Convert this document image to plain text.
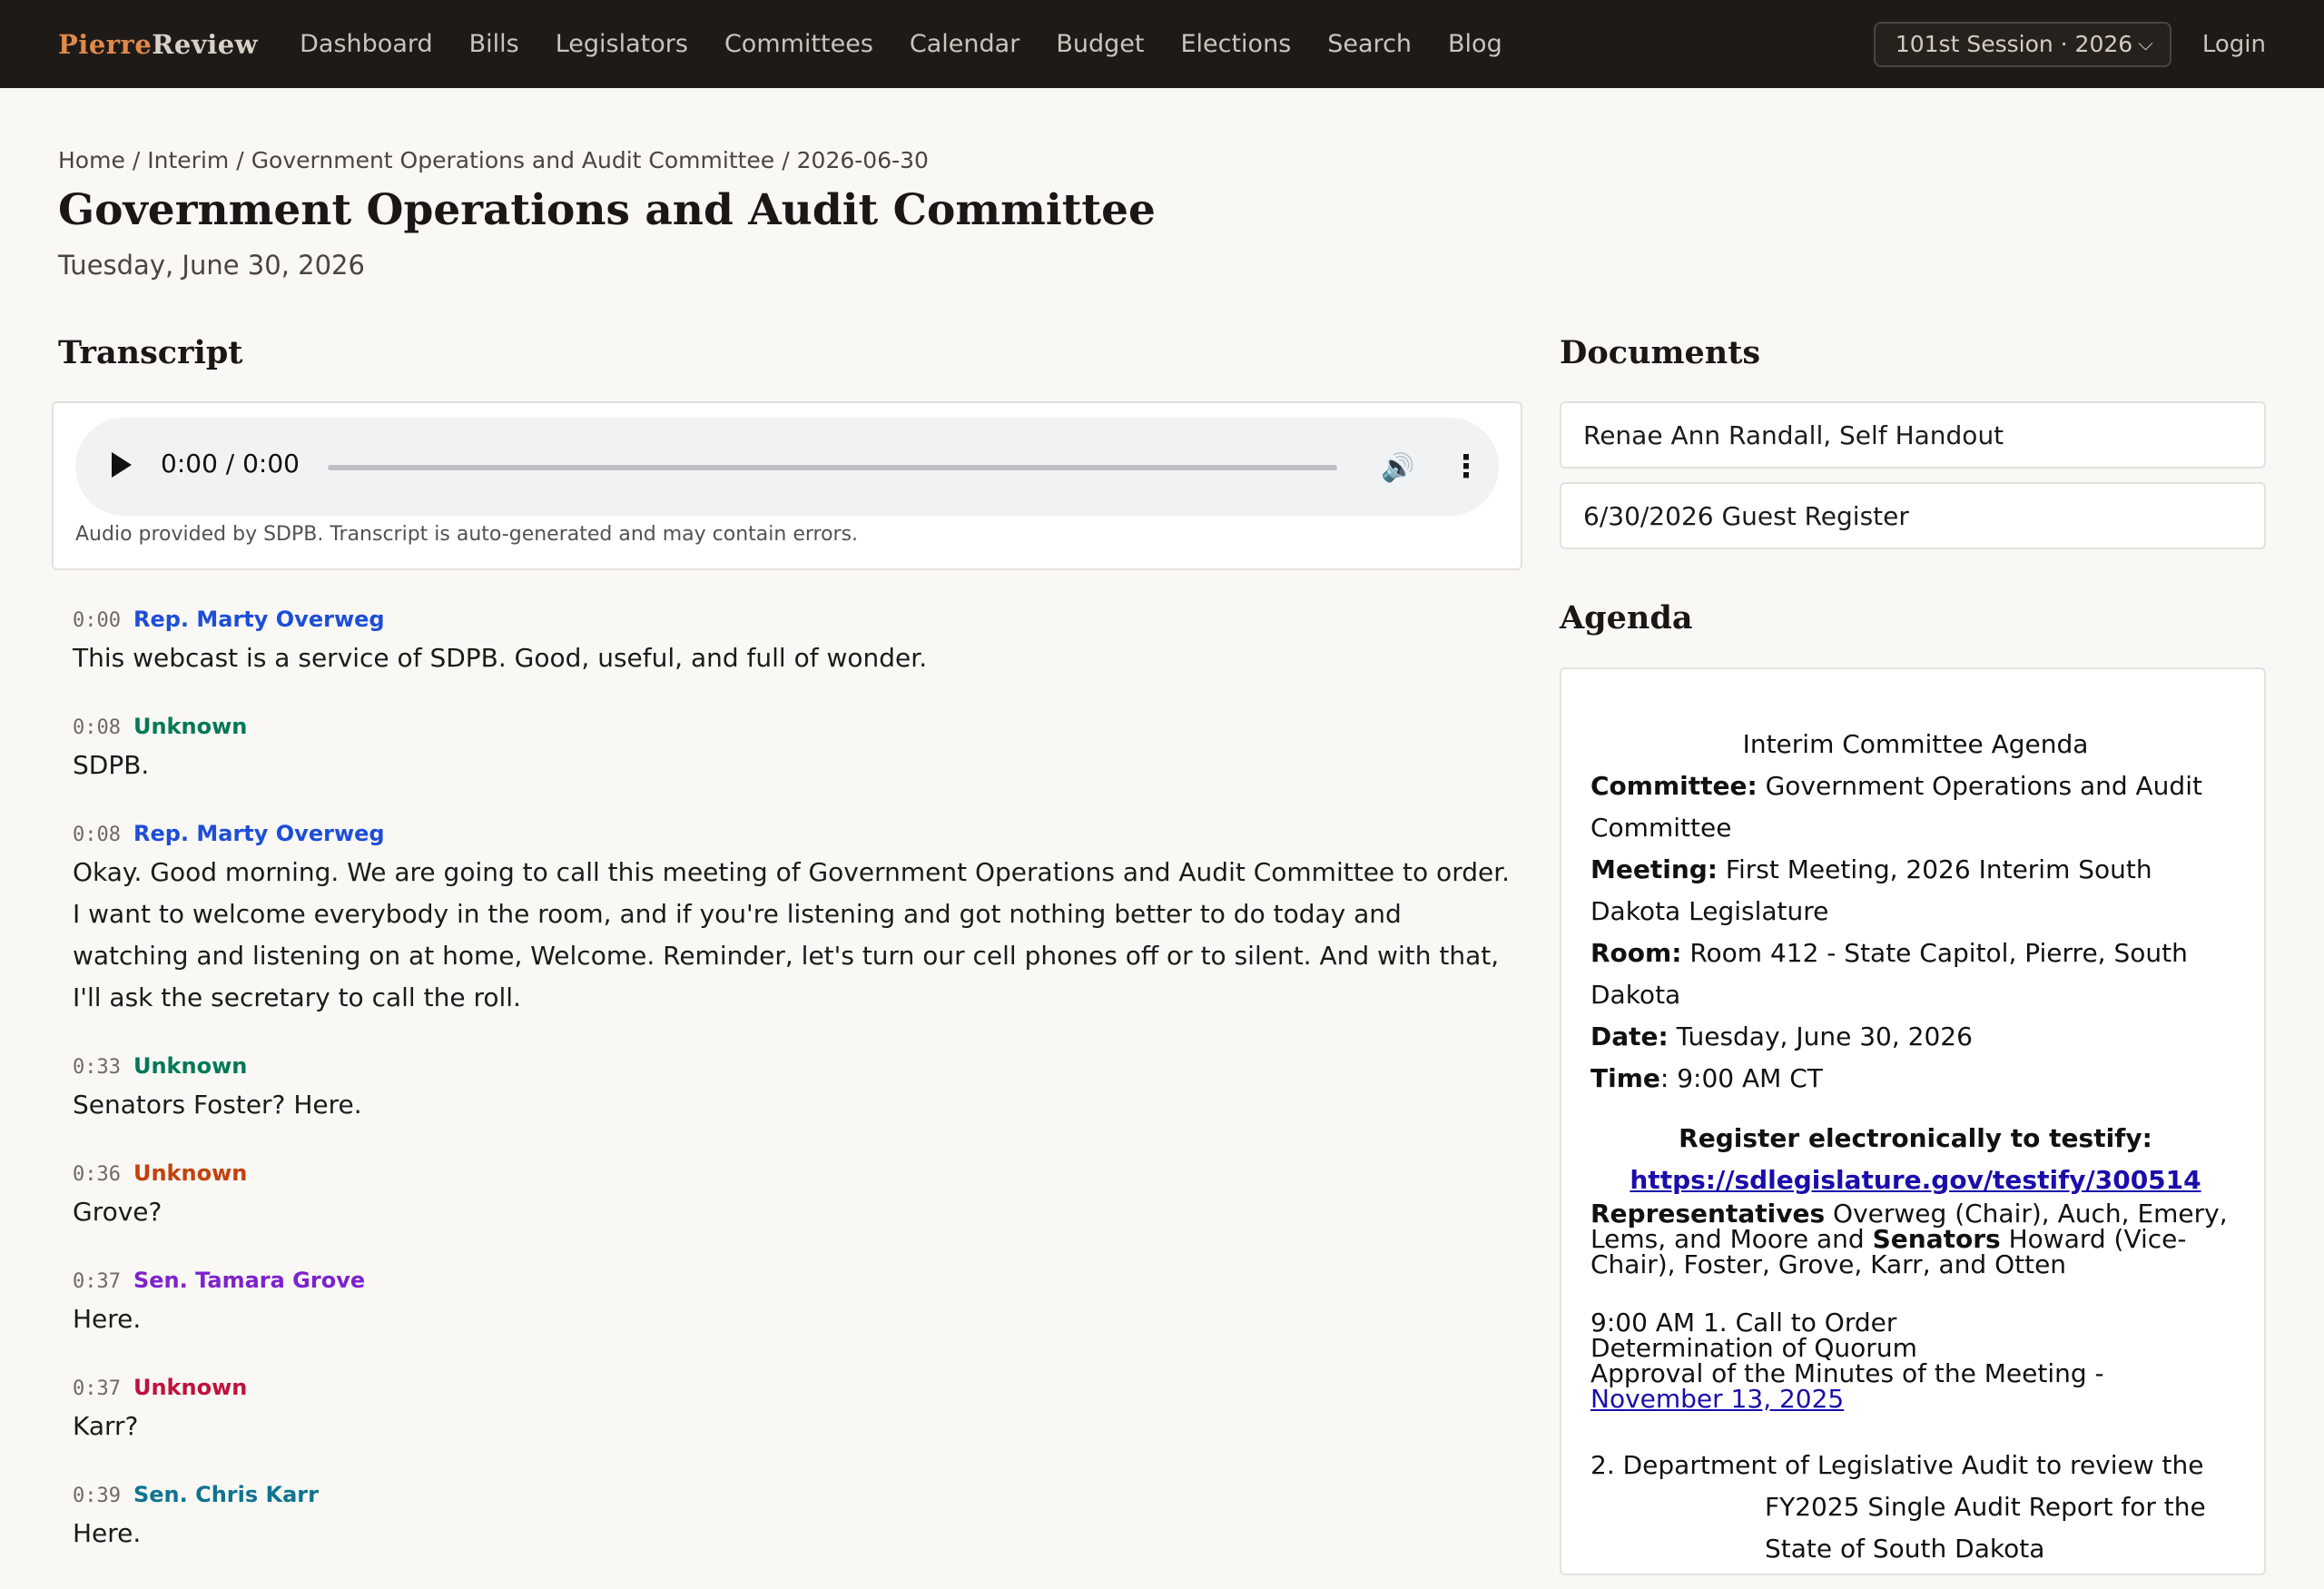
PierreReview Dashboard Bills Legislators Committees Calendar Budget Elections Search Blog	101st Session · 2026 ⌵ Login
Home / Interim / Government Operations and Audit Committee / 2026-06-30
Government Operations and Audit Committee
Tuesday, June 30, 2026
Transcript
0:00 / 0:00	🔊 ⋮
Audio provided by SDPB. Transcript is auto-generated and may contain errors.
0:00 Rep. Marty Overweg
This webcast is a service of SDPB. Good, useful, and full of wonder.
0:08 Unknown
SDPB.
0:08 Rep. Marty Overweg
Okay. Good morning. We are going to call this meeting of Government Operations and Audit Committee to order. I want to welcome everybody in the room, and if you're listening and got nothing better to do today and watching and listening on at home, Welcome. Reminder, let's turn our cell phones off or to silent. And with that, I'll ask the secretary to call the roll.
0:33 Unknown
Senators Foster? Here.
0:36 Unknown
Grove?
0:37 Sen. Tamara Grove
Here.
0:37 Unknown
Karr?
0:39 Sen. Chris Karr
Here.
Documents
Renae Ann Randall, Self Handout
6/30/2026 Guest Register
Agenda
Interim Committee Agenda
Committee: Government Operations and Audit Committee
Meeting: First Meeting, 2026 Interim South Dakota Legislature
Room: Room 412 - State Capitol, Pierre, South Dakota
Date: Tuesday, June 30, 2026
Time: 9:00 AM CT
Register electronically to testify:
https://sdlegislature.gov/testify/300514
Representatives Overweg (Chair), Auch, Emery, Lems, and Moore and Senators Howard (Vice-Chair), Foster, Grove, Karr, and Otten
9:00 AM 1. Call to Order
Determination of Quorum
Approval of the Minutes of the Meeting -
November 13, 2025
2. Department of Legislative Audit to review the
FY2025 Single Audit Report for the State of South Dakota
